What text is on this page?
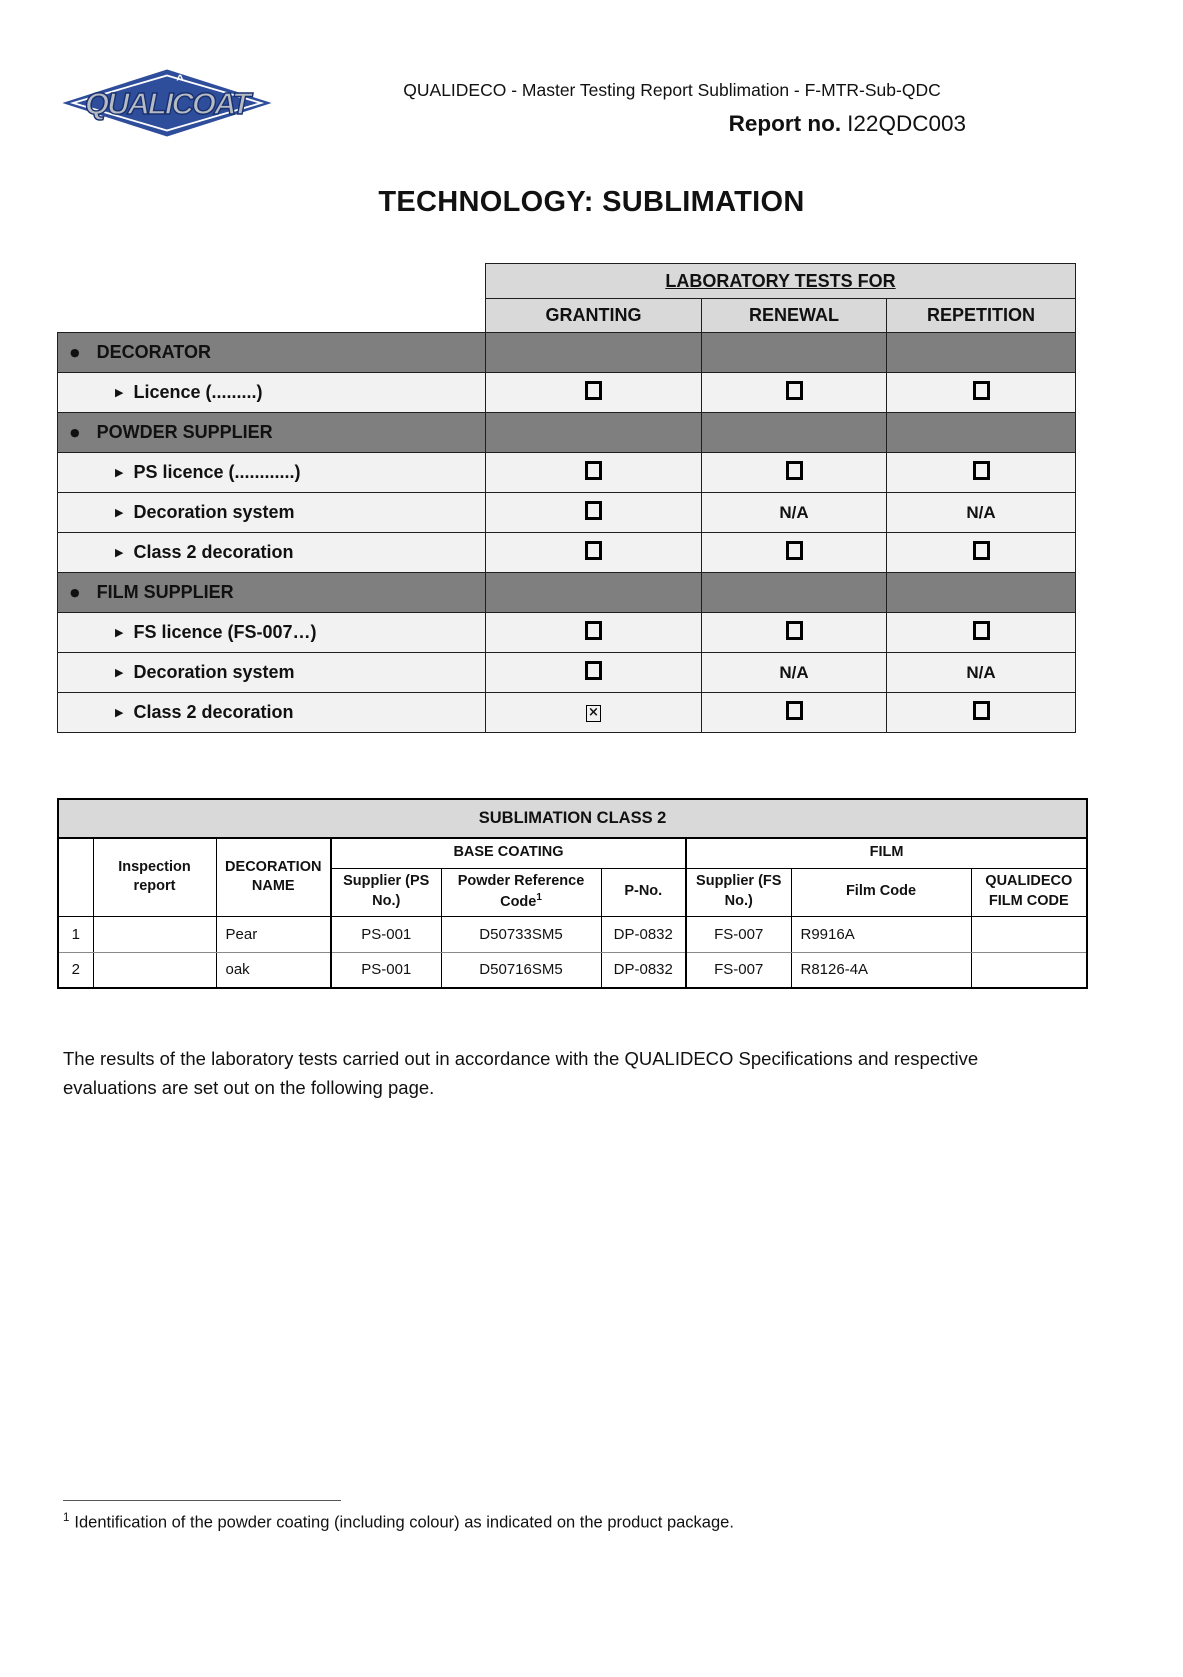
QUALICOAT
^
QUALIDECO - Master Testing Report Sublimation - F-MTR-Sub-QDC
Report no. I22QDC003
TECHNOLOGY: SUBLIMATION
	LABORATORY TESTS FOR		
	GRANTING	RENEWAL	REPETITION
● DECORATOR			
▶ Licence (.........)			
● POWDER SUPPLIER			
▶ PS licence (............)			
▶ Decoration system		N/A	N/A
▶ Class 2 decoration			
● FILM SUPPLIER			
▶ FS licence (FS-007…)			
▶ Decoration system		N/A	N/A
▶ Class 2 decoration	×		
SUBLIMATION CLASS 2								
	Inspection report	DECORATION NAME	BASE COATING			FILM		
			Supplier (PS No.)	Powder Reference Code$^1$	P-No.	Supplier (FS No.)	Film Code	QUALIDECO FILM CODE
1		Pear	PS-001	D50733SM5	DP-0832	FS-007	R9916A	
2		oak	PS-001	D50716SM5	DP-0832	FS-007	R8126-4A	
The results of the laboratory tests carried out in accordance with the QUALIDECO Specifications and respective evaluations are set out on the following page.
$^1$ Identification of the powder coating (including colour) as indicated on the product package.
